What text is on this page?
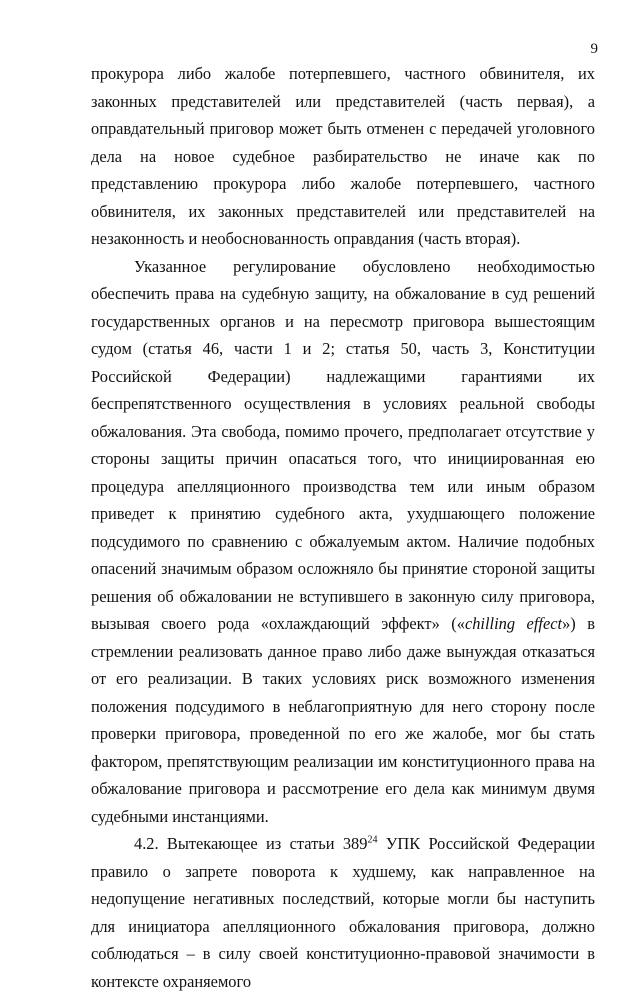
9

прокурора либо жалобе потерпевшего, частного обвинителя, их законных представителей или представителей (часть первая), а оправдательный приговор может быть отменен с передачей уголовного дела на новое судебное разбирательство не иначе как по представлению прокурора либо жалобе потерпевшего, частного обвинителя, их законных представителей или представителей на незаконность и необоснованность оправдания (часть вторая).

Указанное регулирование обусловлено необходимостью обеспечить права на судебную защиту, на обжалование в суд решений государственных органов и на пересмотр приговора вышестоящим судом (статья 46, части 1 и 2; статья 50, часть 3, Конституции Российской Федерации) надлежащими гарантиями их беспрепятственного осуществления в условиях реальной свободы обжалования. Эта свобода, помимо прочего, предполагает отсутствие у стороны защиты причин опасаться того, что инициированная ею процедура апелляционного производства тем или иным образом приведет к принятию судебного акта, ухудшающего положение подсудимого по сравнению с обжалуемым актом. Наличие подобных опасений значимым образом осложняло бы принятие стороной защиты решения об обжаловании не вступившего в законную силу приговора, вызывая своего рода «охлаждающий эффект» («chilling effect») в стремлении реализовать данное право либо даже вынуждая отказаться от его реализации. В таких условиях риск возможного изменения положения подсудимого в неблагоприятную для него сторону после проверки приговора, проведенной по его же жалобе, мог бы стать фактором, препятствующим реализации им конституционного права на обжалование приговора и рассмотрение его дела как минимум двумя судебными инстанциями.

4.2. Вытекающее из статьи $389^{24}$ УПК Российской Федерации правило о запрете поворота к худшему, как направленное на недопущение негативных последствий, которые могли бы наступить для инициатора апелляционного обжалования приговора, должно соблюдаться – в силу своей конституционно-правовой значимости в контексте охраняемого
